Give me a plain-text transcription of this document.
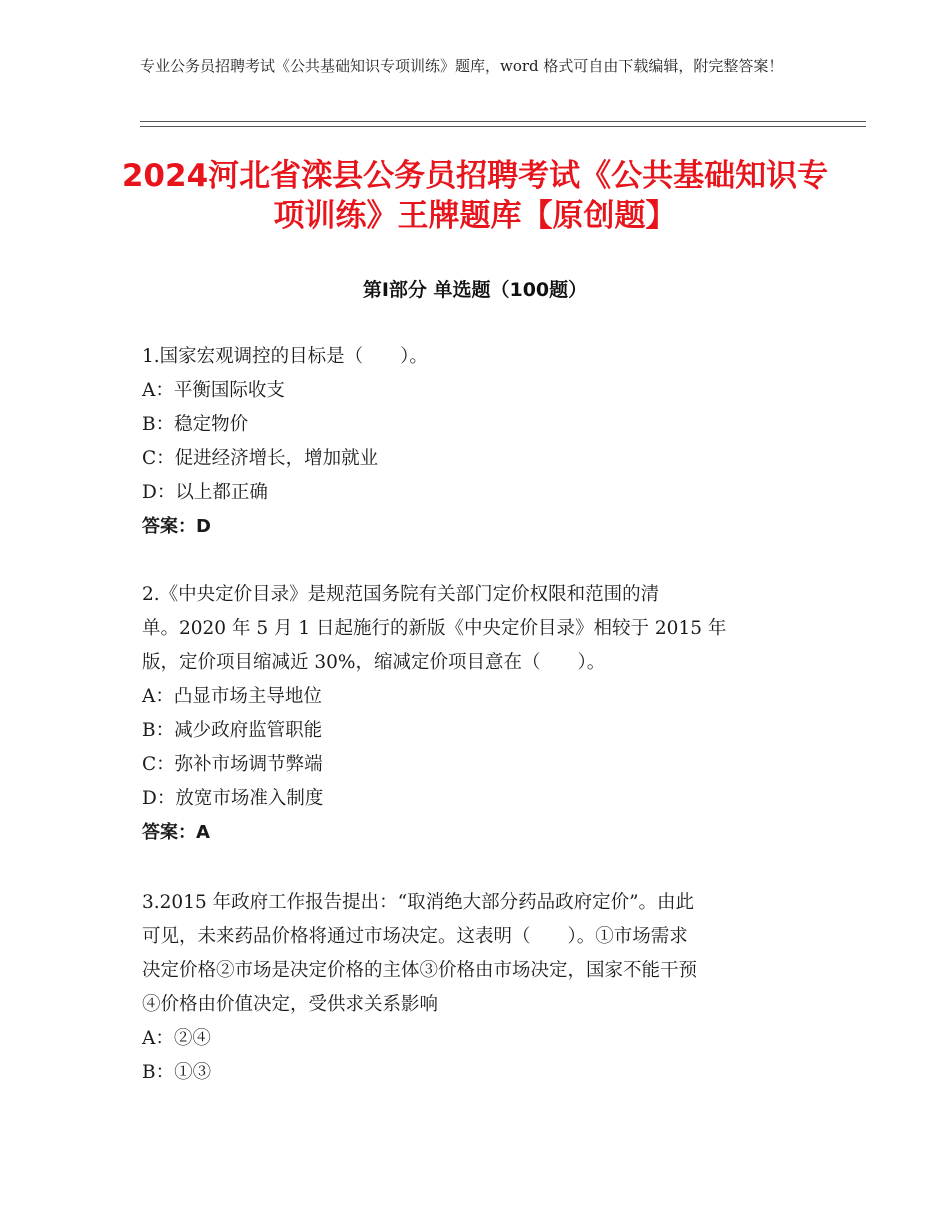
专业公务员招聘考试《公共基础知识专项训练》题库，word 格式可自由下载编辑，附完整答案！
2024河北省滦县公务员招聘考试《公共基础知识专项训练》王牌题库【原创题】
第Ⅰ部分 单选题（100题）
1.国家宏观调控的目标是（　　）。
A：平衡国际收支
B：稳定物价
C：促进经济增长，增加就业
D：以上都正确
答案：D
2.《中央定价目录》是规范国务院有关部门定价权限和范围的清
单。2020 年 5 月 1 日起施行的新版《中央定价目录》相较于 2015 年
版，定价项目缩减近 30%，缩减定价项目意在（　　）。
A：凸显市场主导地位
B：减少政府监管职能
C：弥补市场调节弊端
D：放宽市场准入制度
答案：A
3.2015 年政府工作报告提出：“取消绝大部分药品政府定价”。由此
可见，未来药品价格将通过市场决定。这表明（　　）。①市场需求
决定价格②市场是决定价格的主体③价格由市场决定，国家不能干预
④价格由价值决定，受供求关系影响
A：②④
B：①③
